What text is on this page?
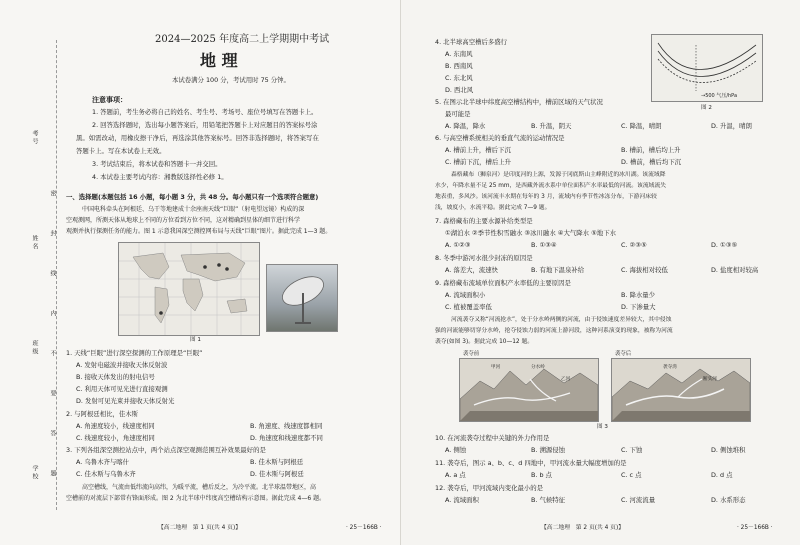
考号
姓名
班级
学校 密　封　线　内　不　要　答　题
2024—2025 年度高二上学期期中考试
地 理
本试卷满分 100 分，考试用时 75 分钟。
注意事项：
1. 答题前，考生务必将自己的姓名、考生号、考场号、座位号填写在答题卡上。
2. 回答选择题时，选出每小题答案后，用铅笔把答题卡上对应题目的答案标号涂
黑。如需改动，用橡皮擦干净后，再选涂其他答案标号。回答非选择题时，将答案写在
答题卡上。写在本试卷上无效。
3. 考试结束后，将本试卷和答题卡一并交回。
4. 本试卷主要考试内容：湘教版选择性必修 1。
一、选择题(本题包括 16 小题，每小题 3 分，共 48 分。每小题只有一个选项符合题意)
中国电科牵头在阿根廷、乌干等地建成十余座南天线“巨眼”（射电望远镜）构成的深
空观测网，所测天体从地球上不同的方位看到方位不同，这对精确到星体的细节进行科学
观测并执行探测任务的能力。图 1 示意我国深空测控网布局与天线“巨眼”图片。据此完成 1—3 题。
图 1
1. 天线“巨眼”进行深空探测的工作原理是“巨眼”
A. 发射电磁波并接收天体反射波
B. 接收天体发出的射电信号
C. 利用天体可见光进行直接观测
D. 发射可见光束并接收天体反射光
2. 与阿根廷相比，佳木斯
A. 角速度较小，线速度相同	B. 角速度、线速度都相同
C. 线速度较小，角速度相同	D. 角速度和线速度都不同
3. 下列各组深空测控站点中，两个站点深空观测范围互补效果最好的是
A. 乌鲁木齐与喀什	B. 佳木斯与阿根廷
C. 佳木斯与乌鲁木齐	D. 佳木斯与阿根廷
高空槽线，气流由低纬流向高纬，为暖平流，槽后反之，为冷平流。北半球温带地区，高
空槽前的对流层下部常有锋面形成。图 2 为北半球中纬度高空槽结构示意图。据此完成 4—6 题。
【高二地理　第 1 页(共 4 页)】	· 25－166B ·
4. 北半球高空槽后多盛行
A. 东南风
B. 西南风
C. 东北风
D. 西北风
→500 气压/hPa
图 2
5. 在图示北半球中纬度高空槽结构中，槽前区域的天气状况
最可能是
A. 降温，降水	B. 升温，阴天	C. 降温，晴朗	D. 升温，晴朗
6. 与高空槽系统相关的垂直气流的运动情况是
A. 槽前上升，槽后下沉	B. 槽前，槽后均上升
C. 槽前下沉，槽后上升	D. 槽前，槽后均下沉
森格藏布（狮泉河）是印度河的上源，发源于冈底斯山主峰附近的冰川湖。该流域降
水少，年降水量不足 25 mm，是西藏外流水系中单位面积产水率最低的河流。该流域流失
地表重，多风沙。该河流丰水期在每年的 3 月，流域内有季节性冰冻分布，下游河床较
浅，坡度小，水流平稳。据此完成 7—9 题。
7. 森格藏布的主要水源补给类型是
①湖泊水 ②季节性积雪融水 ③冰川融水 ④大气降水 ⑤地下水
A. ①②③	B. ①③④	C. ②③⑤	D. ①③⑤
8. 冬季中游河水很少封冻的原因是
A. 落差大，流速快	B. 有地下温泉补给	C. 海拔相对较低	D. 盐度相对较高
9. 森格藏布流域单位面积产水率低的主要原因是
A. 流域面积小	B. 降水量少
C. 植被覆盖率低	D. 下渗量大
河流袭夺又称“河流抢水”，处于分水岭两侧的河流，由于侵蚀速度差异较大，其中侵蚀
强的河流能够切穿分水岭，抢夺侵蚀力弱的河流上游河段，这种河系演变的现象，被称为河流
袭夺(如图 3)。据此完成 10—12 题。
袭夺前	袭夺后
甲河	分水岭
乙河
袭夺湾
断头河
图 3
10. 在河流袭夺过程中关键的外力作用是
A. 侧蚀	B. 溯源侵蚀	C. 下蚀	D. 侧蚀堆积
11. 袭夺后，图示 a、b、c、d 四地中，甲河流水量大幅度增加的是
A. a 点	B. b 点	C. c 点	D. d 点
12. 袭夺后，甲河流域内变化最小的是
A. 流域面积	B. 气候特征	C. 河流流量	D. 水系形态
【高二地理　第 2 页(共 4 页)】	· 25－166B ·
